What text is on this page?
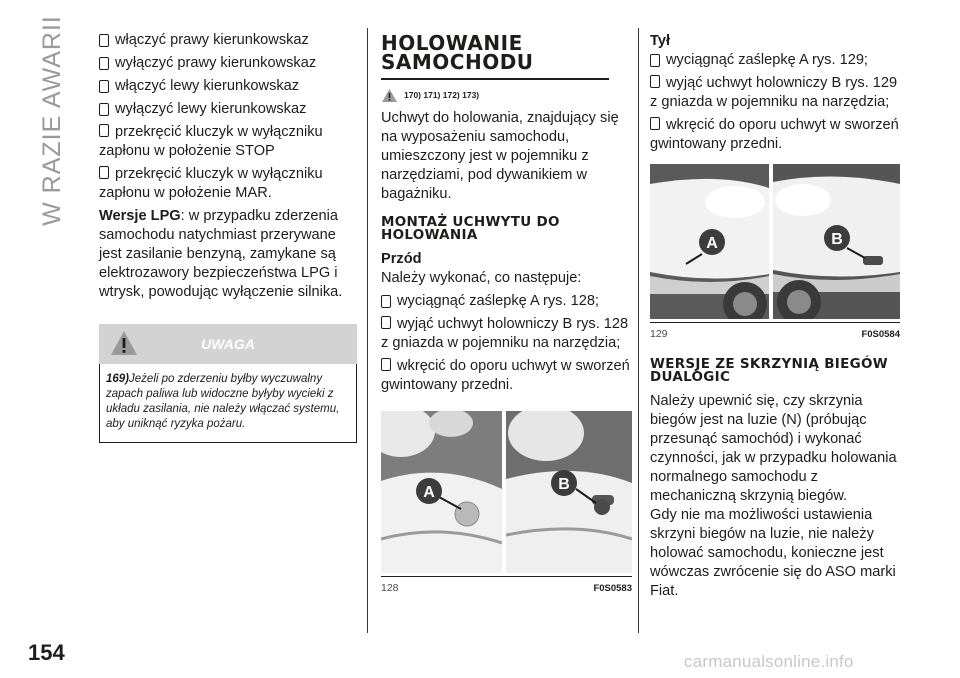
W RAZIE AWARII
154
włączyć prawy kierunkowskaz
wyłączyć prawy kierunkowskaz
włączyć lewy kierunkowskaz
wyłączyć lewy kierunkowskaz
przekręcić kluczyk w wyłączniku zapłonu w położenie STOP
przekręcić kluczyk w wyłączniku zapłonu w położenie MAR.

Wersje LPG: w przypadku zderzenia samochodu natychmiast przerywane jest zasilanie benzyną, zamykane są elektrozawory bezpieczeństwa LPG i wtrysk, powodując wyłączenie silnika.

UWAGA
169)Jeżeli po zderzeniu byłby wyczuwalny zapach paliwa lub widoczne byłyby wycieki z układu zasilania, nie należy włączać systemu, aby uniknąć ryzyka pożaru.
HOLOWANIE SAMOCHODU
170) 171) 172) 173)

Uchwyt do holowania, znajdujący się na wyposażeniu samochodu, umieszczony jest w pojemniku z narzędziami, pod dywanikiem w bagażniku.

MONTAŻ UCHWYTU DO HOLOWANIA

Przód

Należy wykonać, co następuje:

wyciągnąć zaślepkę A rys. 128;
wyjąć uchwyt holowniczy B rys. 128 z gniazda w pojemniku na narzędzia;
wkręcić do oporu uchwyt w sworzeń gwintowany przedni.
A	B
128	F0S0583

Tył

wyciągnąć zaślepkę A rys. 129;
wyjąć uchwyt holowniczy B rys. 129 z gniazda w pojemniku na narzędzia;
wkręcić do oporu uchwyt w sworzeń gwintowany przedni.
A	B
129	F0S0584
WERSJE ZE SKRZYNIĄ BIEGÓW DUALOGIC

Należy upewnić się, czy skrzynia biegów jest na luzie (N) (próbując przesunąć samochód) i wykonać czynności, jak w przypadku holowania normalnego samochodu z mechaniczną skrzynią biegów.

Gdy nie ma możliwości ustawienia skrzyni biegów na luzie, nie należy holować samochodu, konieczne jest wówczas zwrócenie się do ASO marki Fiat.

carmanualsonline.info
